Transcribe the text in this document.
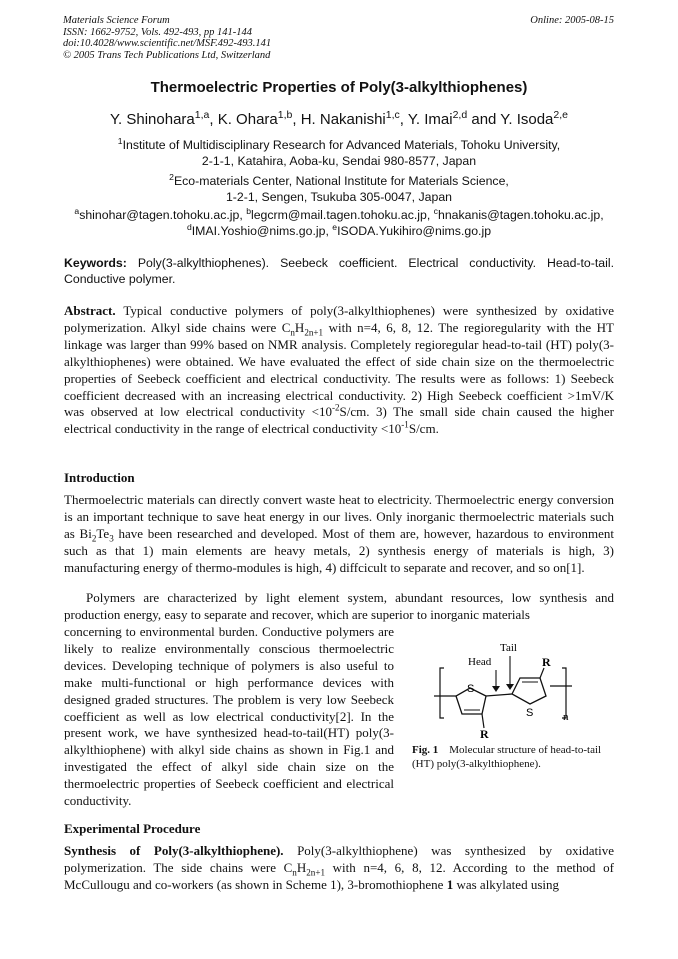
Materials Science Forum
ISSN: 1662-9752, Vols. 492-493, pp 141-144
doi:10.4028/www.scientific.net/MSF.492-493.141
© 2005 Trans Tech Publications Ltd, Switzerland
Online: 2005-08-15
Thermoelectric Properties of Poly(3-alkylthiophenes)
Y. Shinohara$^{1,a}$, K. Ohara$^{1,b}$, H. Nakanishi$^{1,c}$, Y. Imai$^{2,d}$ and Y. Isoda$^{2,e}$
$^1$Institute of Multidisciplinary Research for Advanced Materials, Tohoku University,
2-1-1, Katahira, Aoba-ku, Sendai 980-8577, Japan
$^2$Eco-materials Center, National Institute for Materials Science,
1-2-1, Sengen, Tsukuba 305-0047, Japan
$^a$shinohar@tagen.tohoku.ac.jp, $^b$legcrm@mail.tagen.tohoku.ac.jp, $^c$hnakanis@tagen.tohoku.ac.jp,
$^d$IMAI.Yoshio@nims.go.jp, $^e$ISODA.Yukihiro@nims.go.jp
Keywords: Poly(3-alkylthiophenes). Seebeck coefficient. Electrical conductivity. Head-to-tail. Conductive polymer.
Abstract. Typical conductive polymers of poly(3-alkylthiophenes) were synthesized by oxidative polymerization. Alkyl side chains were $C_nH_{2n+1}$ with n=4, 6, 8, 12. The regioregularity with the HT linkage was larger than 99% based on NMR analysis. Completely regioregular head-to-tail (HT) poly(3-alkylthiophenes) were obtained. We have evaluated the effect of side chain size on the thermoelectric properties of Seebeck coefficient and electrical conductivity. The results were as follows: 1) Seebeck coefficient decreased with an increasing electrical conductivity. 2) High Seebeck coefficient >1mV/K was observed at low electrical conductivity $<10^{-2}S/cm$. 3) The small side chain caused the higher electrical conductivity in the range of electrical conductivity $<10^{-1}S/cm$.
Introduction
Thermoelectric materials can directly convert waste heat to electricity. Thermoelectric energy conversion is an important technique to save heat energy in our lives. Only inorganic thermoelectric materials such as $Bi_2Te_3$ have been researched and developed. Most of them are, however, hazardous to environment such as that 1) main elements are heavy metals, 2) synthesis energy of materials is high, 3) manufacturing energy of thermo-modules is high, 4) diffcicult to separate and recover, and so on[1].
Polymers are characterized by light element system, abundant resources, low synthesis and production energy, easy to separate and recover, which are superior to inorganic materials
concerning to environmental burden. Conductive polymers are likely to realize environmentally conscious thermoelectric devices. Developing technique of polymers is also useful to make multi-functional or high performance devices with designed graded structures. The problem is very low Seebeck coefficient as well as low electrical conductivity[2]. In the present work, we have synthesized head-to-tail(HT) poly(3-alkylthiophene) with alkyl side chains as shown in Fig.1 and investigated the effect of alkyl side chain size on the thermoelectric properties of Seebeck coefficient and electrical conductivity.
n
S
S
R
R
Head
Tail
Fig. 1 Molecular structure of head-to-tail (HT) poly(3-alkylthiophene).
Experimental Procedure
Synthesis of Poly(3-alkylthiophene). Poly(3-alkylthiophene) was synthesized by oxidative polymerization. The side chains were $C_nH_{2n+1}$ with n=4, 6, 8, 12. According to the method of McCullougu and co-workers (as shown in Scheme 1), 3-bromothiophene 1 was alkylated using
